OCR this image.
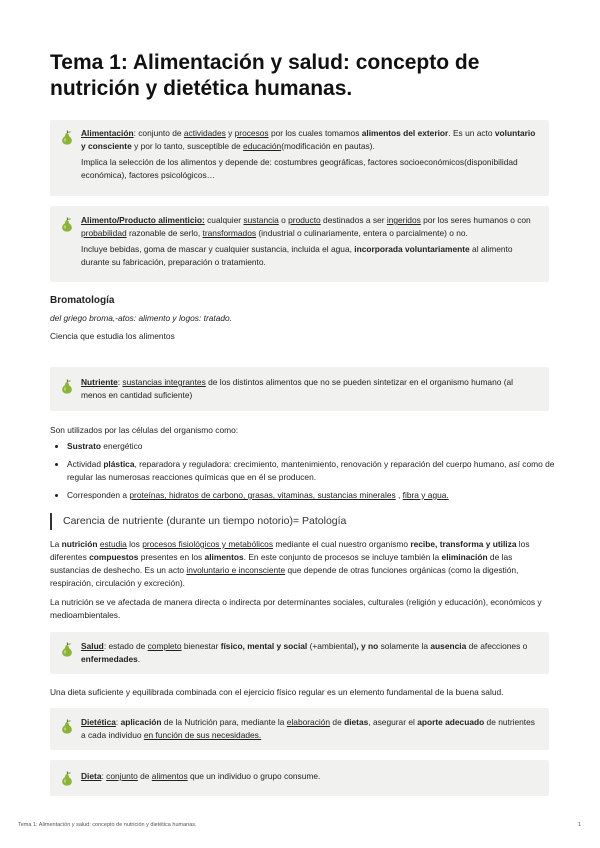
Tema 1: Alimentación y salud: concepto de nutrición y dietética humanas.

Alimentación: conjunto de actividades y procesos por los cuales tomamos alimentos del exterior. Es un acto voluntario y consciente y por lo tanto, susceptible de educación(modificación en pautas).

Implica la selección de los alimentos y depende de: costumbres geográficas, factores socioeconómicos(disponibilidad económica), factores psicológicos…

Alimento/Producto alimenticio: cualquier sustancia o producto destinados a ser ingeridos por los seres humanos o con probabilidad razonable de serlo, transformados (industrial o culinariamente, entera o parcialmente) o no.

Incluye bebidas, goma de mascar y cualquier sustancia, incluida el agua, incorporada voluntariamente al alimento durante su fabricación, preparación o tratamiento.

Bromatología
del griego broma,-atos: alimento y logos: tratado.
Ciencia que estudia los alimentos

Nutriente: sustancias integrantes de los distintos alimentos que no se pueden sintetizar en el organismo humano (al menos en cantidad suficiente)

Son utilizados por las células del organismo como:
• Sustrato energético
• Actividad plástica, reparadora y reguladora: crecimiento, mantenimiento, renovación y reparación del cuerpo humano, así como de regular las numerosas reacciones químicas que en él se producen.
• Corresponden a proteínas, hidratos de carbono, grasas, vitaminas, sustancias minerales , fibra y agua.
Carencia de nutriente (durante un tiempo notorio)= Patología
La nutrición estudia los procesos fisiológicos y metabólicos mediante el cual nuestro organismo recibe, transforma y utiliza los diferentes compuestos presentes en los alimentos. En este conjunto de procesos se incluye también la eliminación de las sustancias de deshecho. Es un acto involuntario e inconsciente que depende de otras funciones orgánicas (como la digestión, respiración, circulación y excreción).
La nutrición se ve afectada de manera directa o indirecta por determinantes sociales, culturales (religión y educación), económicos y medioambientales.

Salud: estado de completo bienestar físico, mental y social (+ambiental), y no solamente la ausencia de afecciones o enfermedades.

Una dieta suficiente y equilibrada combinada con el ejercicio físico regular es un elemento fundamental de la buena salud.

Dietética: aplicación de la Nutrición para, mediante la elaboración de dietas, asegurar el aporte adecuado de nutrientes a cada individuo en función de sus necesidades.

Dieta: conjunto de alimentos que un individuo o grupo consume.

Tema 1: Alimentación y salud: concepto de nutrición y dietética humanas.	1
